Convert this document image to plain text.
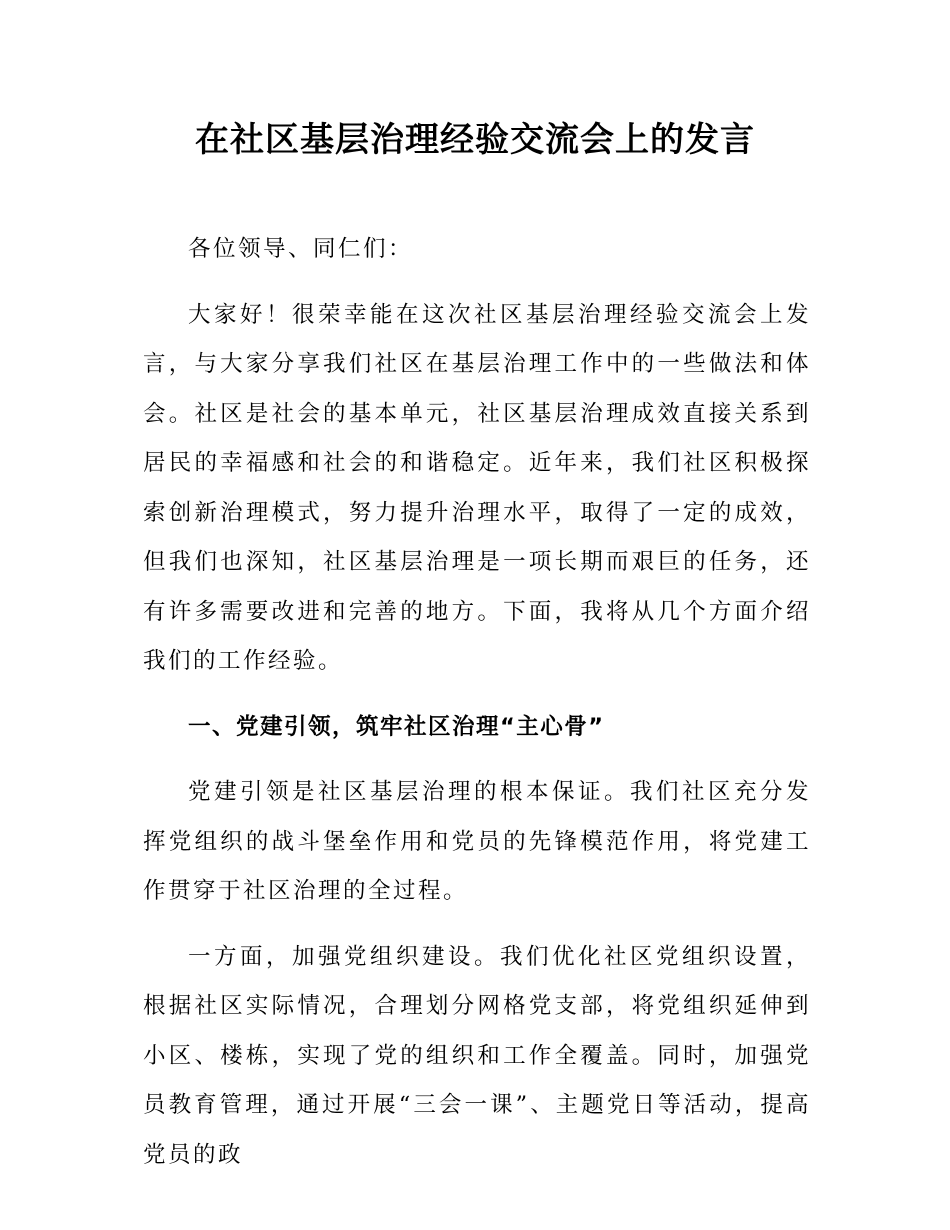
在社区基层治理经验交流会上的发言

各位领导、同仁们：

大家好！很荣幸能在这次社区基层治理经验交流会上发言，与大家分享我们社区在基层治理工作中的一些做法和体会。社区是社会的基本单元，社区基层治理成效直接关系到居民的幸福感和社会的和谐稳定。近年来，我们社区积极探索创新治理模式，努力提升治理水平，取得了一定的成效，但我们也深知，社区基层治理是一项长期而艰巨的任务，还有许多需要改进和完善的地方。下面，我将从几个方面介绍我们的工作经验。

一、党建引领，筑牢社区治理“主心骨”

党建引领是社区基层治理的根本保证。我们社区充分发挥党组织的战斗堡垒作用和党员的先锋模范作用，将党建工作贯穿于社区治理的全过程。

一方面，加强党组织建设。我们优化社区党组织设置，根据社区实际情况，合理划分网格党支部，将党组织延伸到小区、楼栋，实现了党的组织和工作全覆盖。同时，加强党员教育管理，通过开展“三会一课”、主题党日等活动，提高党员的政
